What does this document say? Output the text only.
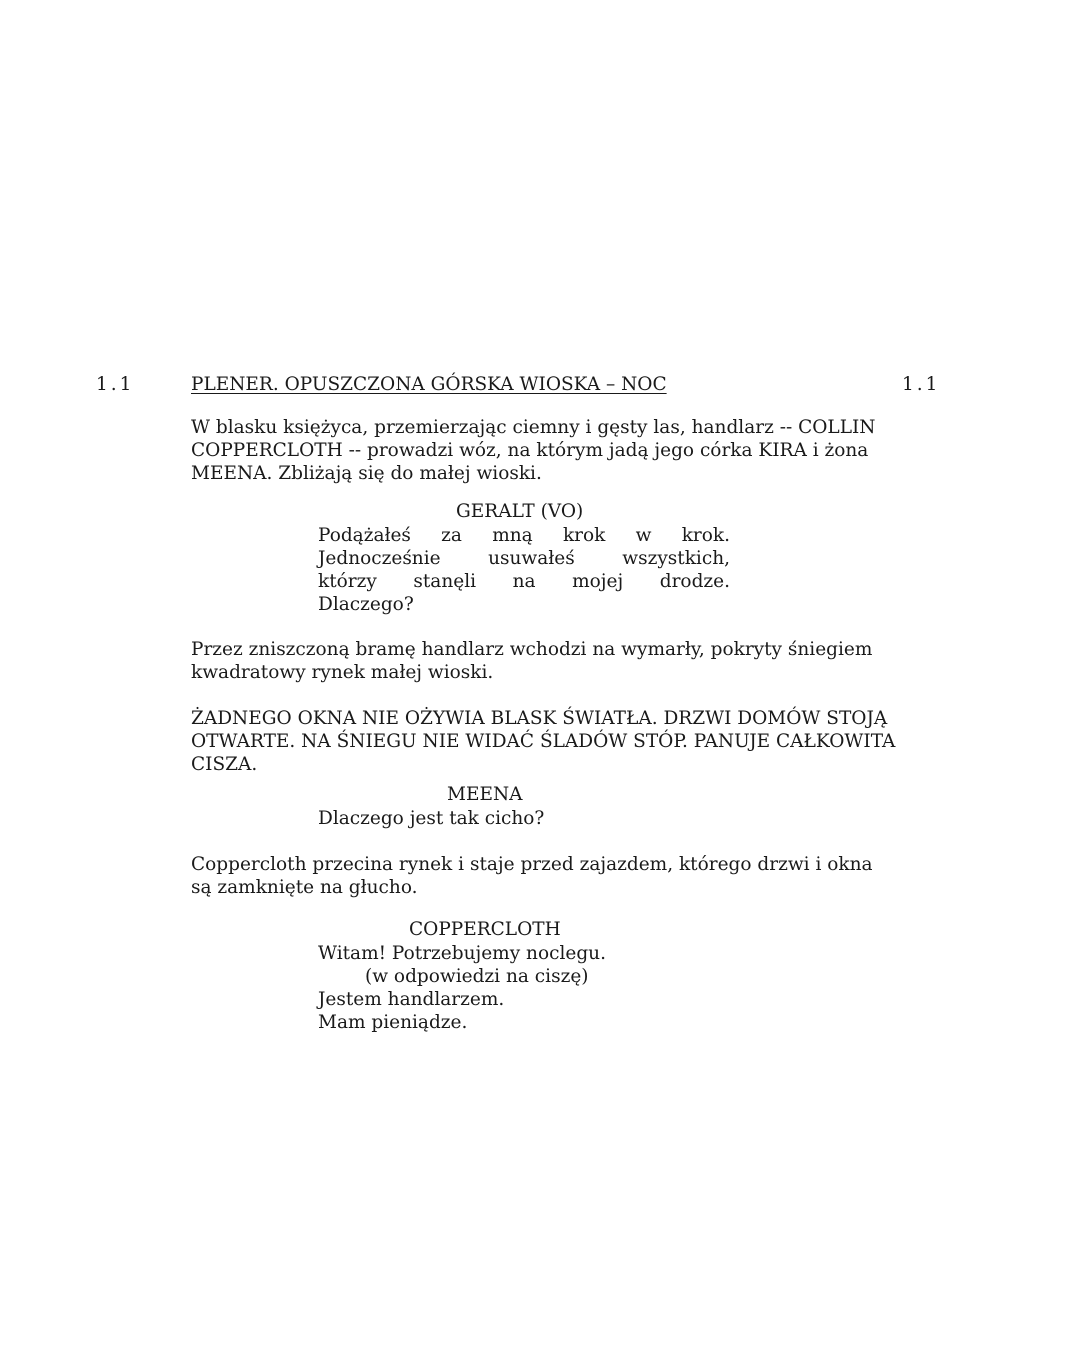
1.1	PLENER. OPUSZCZONA GÓRSKA WIOSKA – NOC	1.1
W blasku księżyca, przemierzając ciemny i gęsty las, handlarz -- COLLIN
COPPERCLOTH -- prowadzi wóz, na którym jadą jego córka KIRA i żona
MEENA. Zbliżają się do małej wioski.
GERALT (VO)
Podążałeś za mną krok w krok.
Jednocześnie usuwałeś wszystkich,
którzy stanęli na mojej drodze.
Dlaczego?
Przez zniszczoną bramę handlarz wchodzi na wymarły, pokryty śniegiem
kwadratowy rynek małej wioski.
ŻADNEGO OKNA NIE OŻYWIA BLASK ŚWIATŁA. DRZWI DOMÓW STOJĄ
OTWARTE. NA ŚNIEGU NIE WIDAĆ ŚLADÓW STÓP. PANUJE CAŁKOWITA
CISZA.
MEENA
Dlaczego jest tak cicho?
Coppercloth przecina rynek i staje przed zajazdem, którego drzwi i okna
są zamknięte na głucho.
COPPERCLOTH
Witam! Potrzebujemy noclegu.
(w odpowiedzi na ciszę)
Jestem handlarzem.
Mam pieniądze.
